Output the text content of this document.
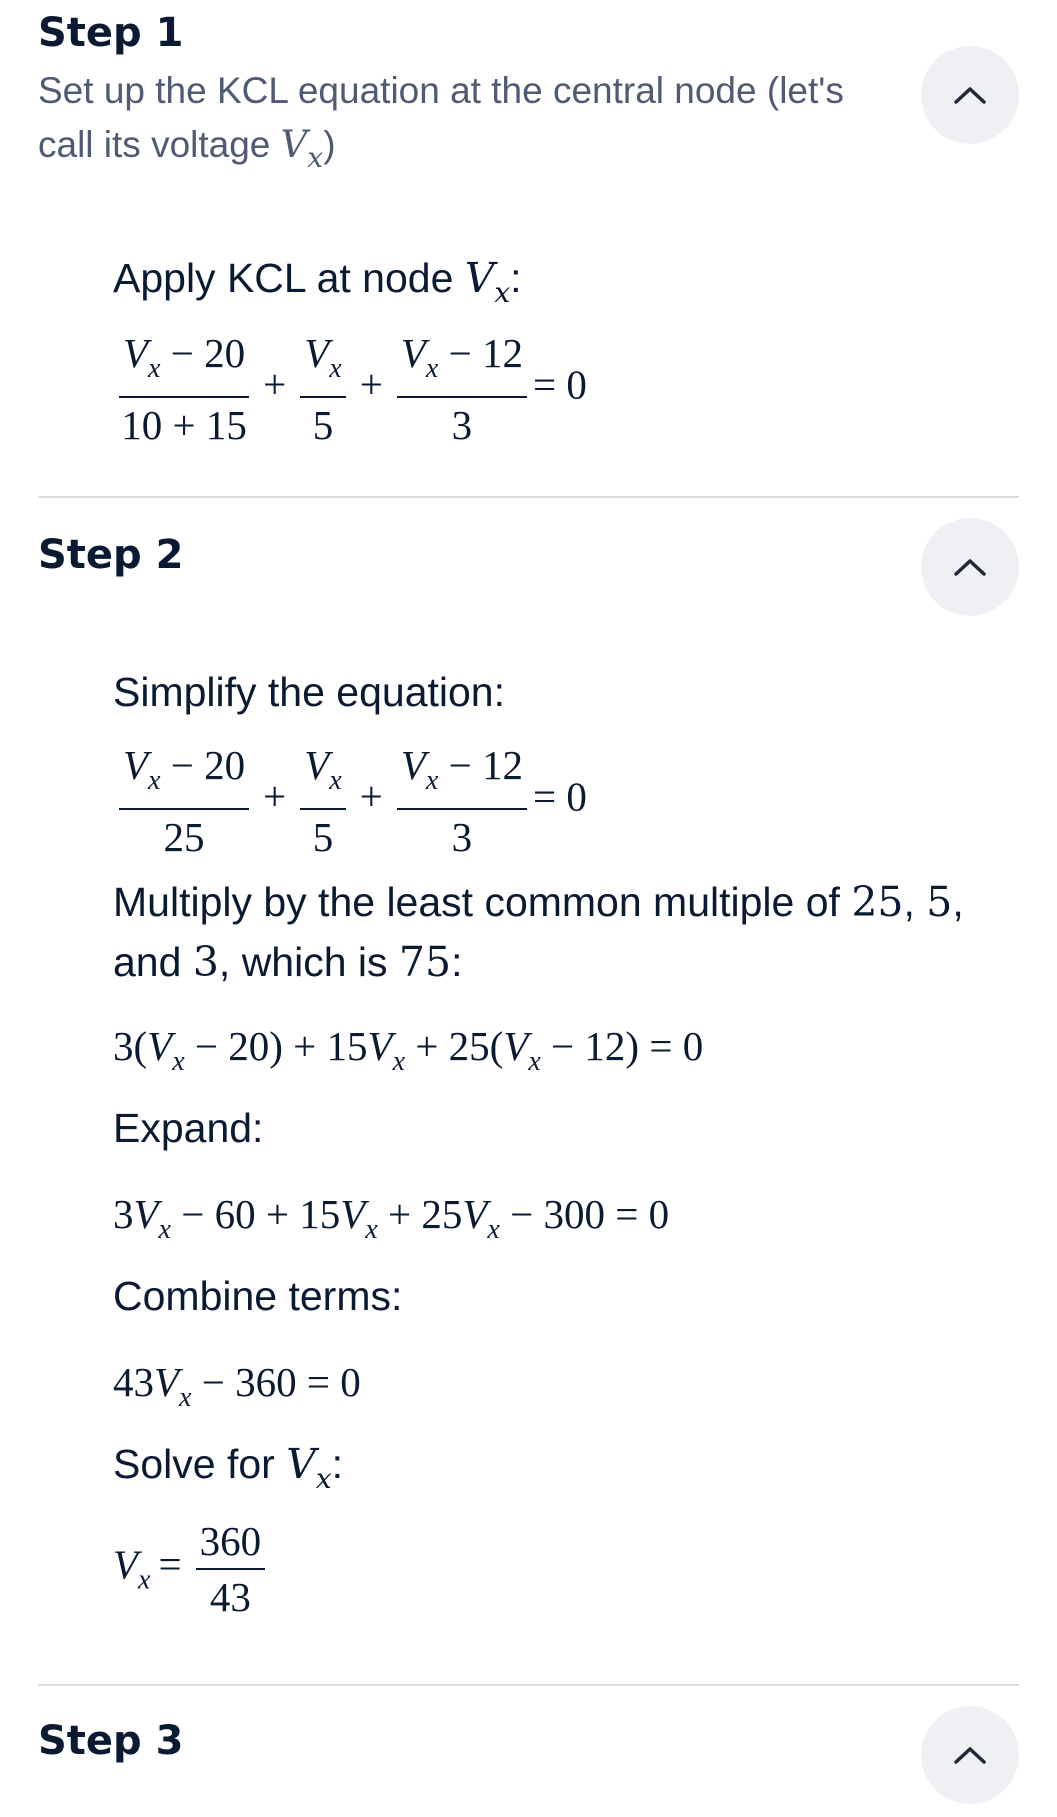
Step 1
Set up the KCL equation at the central node (let's call its voltage $V_x$)

Apply KCL at node $V_x$:

$\frac{V_x - 20}{10 + 15} + \frac{V_x}{5} + \frac{V_x - 12}{3} = 0$
Step 2

Simplify the equation:

$\frac{V_x - 20}{25} + \frac{V_x}{5} + \frac{V_x - 12}{3} = 0$

Multiply by the least common multiple of 25, 5,
and 3, which is 75:

$3(V_x - 20) + 15V_x + 25(V_x - 12) = 0$

Expand:

$3V_x - 60 + 15V_x + 25V_x - 300 = 0$

Combine terms:

$43V_x - 360 = 0$

Solve for $V_x$:

$V_x = \frac{360}{43}$
Step 3
